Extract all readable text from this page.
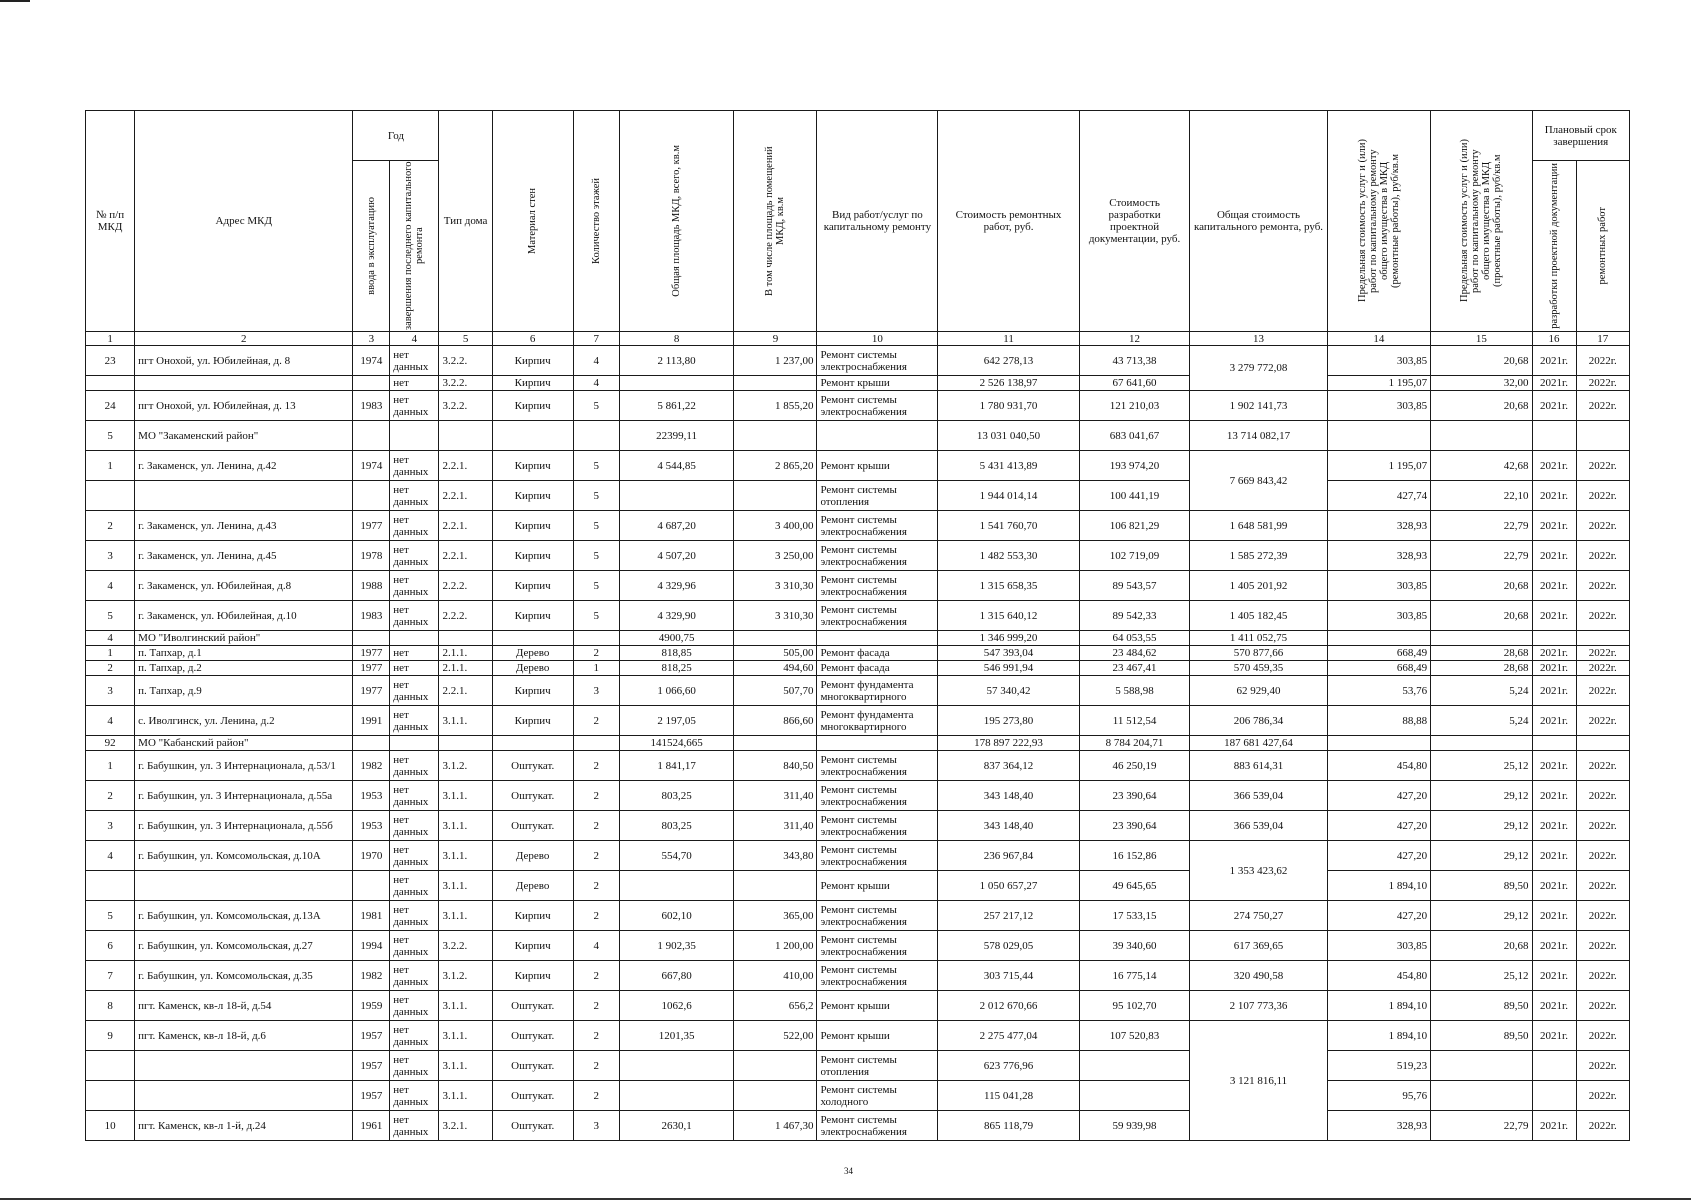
№ п/п МКД	Адрес МКД	Год		Тип дома	Материал стен	Количество этажей	Общая площадь МКД, всего, кв.м	В том числе площадь помещений МКД, кв.м	Вид работ/услуг по капитальному ремонту	Стоимость ремонтных работ, руб.	Стоимость разработки проектной документации, руб.	Общая стоимость капитального ремонта, руб.	Предельная стоимость услуг и (или) работ по капитальному ремонту общего имущества в МКД (ремонтные работы), руб/кв.м	Предельная стоимость услуг и (или) работ по капитальному ремонту общего имущества в МКД (проектные работы), руб/кв.м	Плановый срок завершения	

		ввода в эксплуатацию	завершения последнего капитального ремонта												разработки проектной документации	ремонтных работ

1	2	3	4	5	6	7	8	9	10	11	12	13	14	15	16	17
23	пгт Онохой, ул. Юбилейная, д. 8	1974	нет данных	3.2.2.	Кирпич	4	2 113,80	1 237,00	Ремонт системы электроснабжения	642 278,13	43 713,38	3 279 772,08	303,85	20,68	2021г.	2022г.
			нет	3.2.2.	Кирпич	4			Ремонт крыши	2 526 138,97	67 641,60		1 195,07	32,00	2021г.	2022г.
24	пгт Онохой, ул. Юбилейная, д. 13	1983	нет данных	3.2.2.	Кирпич	5	5 861,22	1 855,20	Ремонт системы электроснабжения	1 780 931,70	121 210,03	1 902 141,73	303,85	20,68	2021г.	2022г.
5	МО "Закаменский район"						22399,11			13 031 040,50	683 041,67	13 714 082,17				
1	г. Закаменск, ул. Ленина, д.42	1974	нет данных	2.2.1.	Кирпич	5	4 544,85	2 865,20	Ремонт крыши	5 431 413,89	193 974,20	7 669 843,42	1 195,07	42,68	2021г.	2022г.
			нет данных	2.2.1.	Кирпич	5			Ремонт системы отопления	1 944 014,14	100 441,19		427,74	22,10	2021г.	2022г.
2	г. Закаменск, ул. Ленина, д.43	1977	нет данных	2.2.1.	Кирпич	5	4 687,20	3 400,00	Ремонт системы электроснабжения	1 541 760,70	106 821,29	1 648 581,99	328,93	22,79	2021г.	2022г.
3	г. Закаменск, ул. Ленина, д.45	1978	нет данных	2.2.1.	Кирпич	5	4 507,20	3 250,00	Ремонт системы электроснабжения	1 482 553,30	102 719,09	1 585 272,39	328,93	22,79	2021г.	2022г.
4	г. Закаменск, ул. Юбилейная, д.8	1988	нет данных	2.2.2.	Кирпич	5	4 329,96	3 310,30	Ремонт системы электроснабжения	1 315 658,35	89 543,57	1 405 201,92	303,85	20,68	2021г.	2022г.
5	г. Закаменск, ул. Юбилейная, д.10	1983	нет данных	2.2.2.	Кирпич	5	4 329,90	3 310,30	Ремонт системы электроснабжения	1 315 640,12	89 542,33	1 405 182,45	303,85	20,68	2021г.	2022г.
4	МО "Иволгинский район"						4900,75			1 346 999,20	64 053,55	1 411 052,75				
1	п. Тапхар, д.1	1977	нет	2.1.1.	Дерево	2	818,85	505,00	Ремонт фасада	547 393,04	23 484,62	570 877,66	668,49	28,68	2021г.	2022г.
2	п. Тапхар, д.2	1977	нет	2.1.1.	Дерево	1	818,25	494,60	Ремонт фасада	546 991,94	23 467,41	570 459,35	668,49	28,68	2021г.	2022г.
3	п. Тапхар, д.9	1977	нет данных	2.2.1.	Кирпич	3	1 066,60	507,70	Ремонт фундамента многоквартирного	57 340,42	5 588,98	62 929,40	53,76	5,24	2021г.	2022г.
4	с. Иволгинск, ул. Ленина, д.2	1991	нет данных	3.1.1.	Кирпич	2	2 197,05	866,60	Ремонт фундамента многоквартирного	195 273,80	11 512,54	206 786,34	88,88	5,24	2021г.	2022г.
92	МО "Кабанский район"						141524,665			178 897 222,93	8 784 204,71	187 681 427,64				
1	г. Бабушкин, ул. 3 Интернационала, д.53/1	1982	нет данных	3.1.2.	Оштукат.	2	1 841,17	840,50	Ремонт системы электроснабжения	837 364,12	46 250,19	883 614,31	454,80	25,12	2021г.	2022г.
2	г. Бабушкин, ул. 3 Интернационала, д.55а	1953	нет данных	3.1.1.	Оштукат.	2	803,25	311,40	Ремонт системы электроснабжения	343 148,40	23 390,64	366 539,04	427,20	29,12	2021г.	2022г.
3	г. Бабушкин, ул. 3 Интернационала, д.55б	1953	нет данных	3.1.1.	Оштукат.	2	803,25	311,40	Ремонт системы электроснабжения	343 148,40	23 390,64	366 539,04	427,20	29,12	2021г.	2022г.
4	г. Бабушкин, ул. Комсомольская, д.10А	1970	нет данных	3.1.1.	Дерево	2	554,70	343,80	Ремонт системы электроснабжения	236 967,84	16 152,86	1 353 423,62	427,20	29,12	2021г.	2022г.
			нет данных	3.1.1.	Дерево	2			Ремонт крыши	1 050 657,27	49 645,65		1 894,10	89,50	2021г.	2022г.
5	г. Бабушкин, ул. Комсомольская, д.13А	1981	нет данных	3.1.1.	Кирпич	2	602,10	365,00	Ремонт системы электроснабжения	257 217,12	17 533,15	274 750,27	427,20	29,12	2021г.	2022г.
6	г. Бабушкин, ул. Комсомольская, д.27	1994	нет данных	3.2.2.	Кирпич	4	1 902,35	1 200,00	Ремонт системы электроснабжения	578 029,05	39 340,60	617 369,65	303,85	20,68	2021г.	2022г.
7	г. Бабушкин, ул. Комсомольская, д.35	1982	нет данных	3.1.2.	Кирпич	2	667,80	410,00	Ремонт системы электроснабжения	303 715,44	16 775,14	320 490,58	454,80	25,12	2021г.	2022г.
8	пгт. Каменск, кв-л 18-й, д.54	1959	нет данных	3.1.1.	Оштукат.	2	1062,6	656,2	Ремонт крыши	2 012 670,66	95 102,70	2 107 773,36	1 894,10	89,50	2021г.	2022г.
9	пгт. Каменск, кв-л 18-й, д.6	1957	нет данных	3.1.1.	Оштукат.	2	1201,35	522,00	Ремонт крыши	2 275 477,04	107 520,83	3 121 816,11	1 894,10	89,50	2021г.	2022г.
		1957	нет данных	3.1.1.	Оштукат.	2			Ремонт системы отопления	623 776,96			519,23			2022г.
		1957	нет данных	3.1.1.	Оштукат.	2			Ремонт системы холодного	115 041,28			95,76			2022г.
10	пгт. Каменск, кв-л 1-й, д.24	1961	нет данных	3.2.1.	Оштукат.	3	2630,1	1 467,30	Ремонт системы электроснабжения	865 118,79	59 939,98		328,93	22,79	2021г.	2022г.
34
